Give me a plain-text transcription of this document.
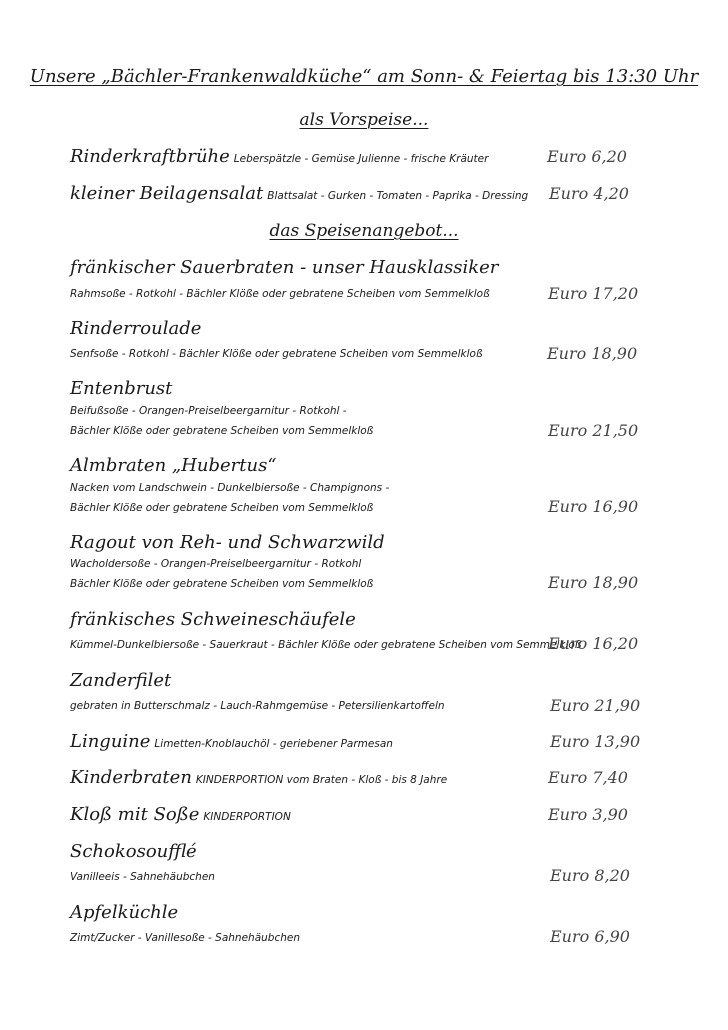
Unsere „Bächler-Frankenwaldküche“ am Sonn- & Feiertag bis 13:30 Uhr
als Vorspeise...
Rinderkraftbrühe Leberspätzle - Gemüse Julienne - frische Kräuter	Euro 6,20
kleiner Beilagensalat Blattsalat - Gurken - Tomaten - Paprika - Dressing Euro 4,20
das Speisenangebot...
fränkischer Sauerbraten - unser Hausklassiker
Rahmsoße - Rotkohl - Bächler Klöße oder gebratene Scheiben vom Semmelkloß	Euro 17,20
Rinderroulade
Senfsoße - Rotkohl - Bächler Klöße oder gebratene Scheiben vom Semmelkloß	Euro 18,90
Entenbrust
Beifußsoße - Orangen-Preiselbeergarnitur - Rotkohl -
Bächler Klöße oder gebratene Scheiben vom Semmelkloß	Euro 21,50
Almbraten „Hubertus“
Nacken vom Landschwein - Dunkelbiersoße - Champignons -
Bächler Klöße oder gebratene Scheiben vom Semmelkloß	Euro 16,90
Ragout von Reh- und Schwarzwild
Wacholdersoße - Orangen-Preiselbeergarnitur - Rotkohl
Bächler Klöße oder gebratene Scheiben vom Semmelkloß	Euro 18,90
fränkisches Schweineschäufele
Kümmel-Dunkelbiersoße - Sauerkraut - Bächler Klöße oder gebratene Scheiben vom Semmelkloß
Euro 16,20
Zanderfilet
gebraten in Butterschmalz - Lauch-Rahmgemüse - Petersilienkartoffeln	Euro 21,90
Linguine Limetten-Knoblauchöl - geriebener Parmesan	Euro 13,90
Kinderbraten KINDERPORTION vom Braten - Kloß - bis 8 Jahre	Euro 7,40
Kloß mit Soße KINDERPORTION	Euro 3,90
Schokosoufflé
Vanilleeis - Sahnehäubchen	Euro 8,20
Apfelküchle
Zimt/Zucker - Vanillesoße - Sahnehäubchen	Euro 6,90
